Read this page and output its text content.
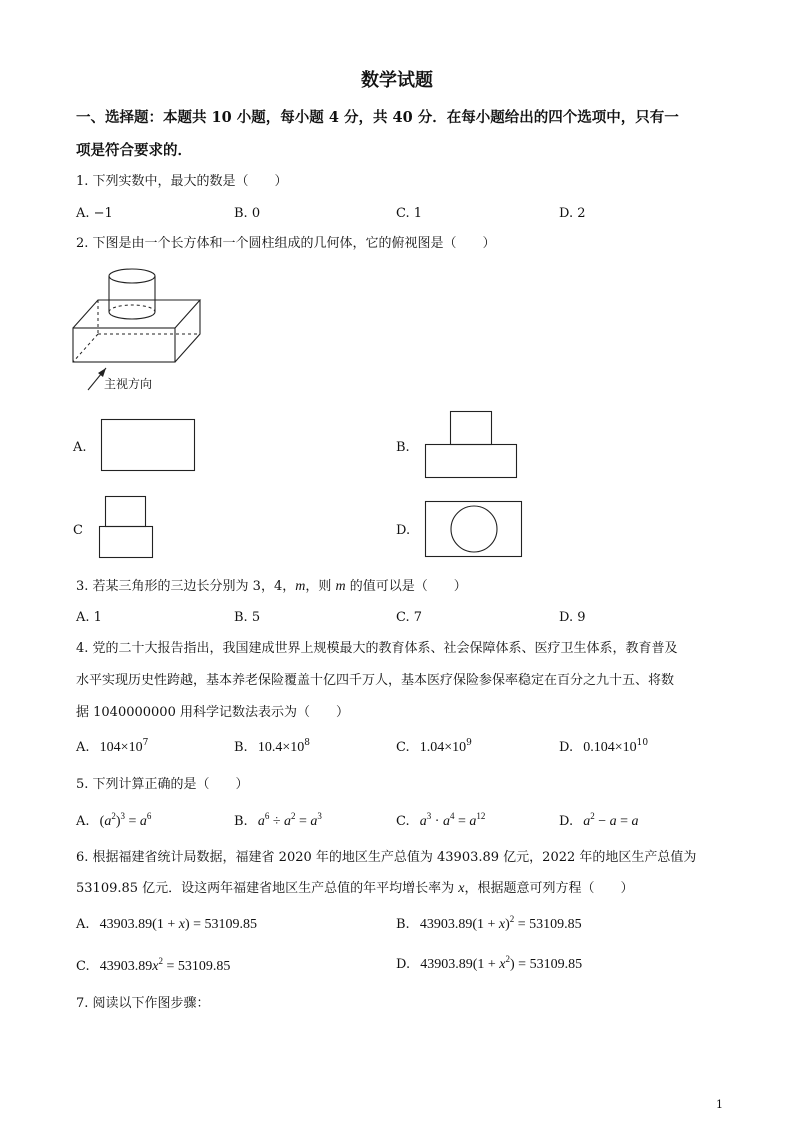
数学试题
一、选择题：本题共 10 小题，每小题 4 分，共 40 分．在每小题给出的四个选项中，只有一
项是符合要求的．
1. 下列实数中，最大的数是（　　）
A. −1	B. 0	C. 1	D. 2
2. 下图是由一个长方体和一个圆柱组成的几何体，它的俯视图是（　　）
主视方向
A.	B.
C	D.
3. 若某三角形的三边长分别为 3，4，m，则 m 的值可以是（　　）
A. 1	B. 5	C. 7	D. 9
4. 党的二十大报告指出，我国建成世界上规模最大的教育体系、社会保障体系、医疗卫生体系，教育普及
水平实现历史性跨越，基本养老保险覆盖十亿四千万人，基本医疗保险参保率稳定在百分之九十五、将数
据 1040000000 用科学记数法表示为（　　）
A. $104\times 10^7$	B. $10.4\times 10^8$	C. $1.04\times 10^9$	D. $0.104\times 10^{10}$
5. 下列计算正确的是（　　）
A. $(a^2)^3 = a^6$	B. $a^6 \div a^2 = a^3$	C. $a^3 \cdot a^4 = a^{12}$	D. $a^2 - a = a$
6. 根据福建省统计局数据，福建省 2020 年的地区生产总值为 43903.89 亿元，2022 年的地区生产总值为
53109.85 亿元．设这两年福建省地区生产总值的年平均增长率为 x，根据题意可列方程（　　）
A. 43903.89(1 + x) = 53109.85	B. $43903.89(1 + x)^2 = 53109.85$
C. $43903.89x^2 = 53109.85$	D. $43903.89(1 + x^2) = 53109.85$
7. 阅读以下作图步骤：
1
